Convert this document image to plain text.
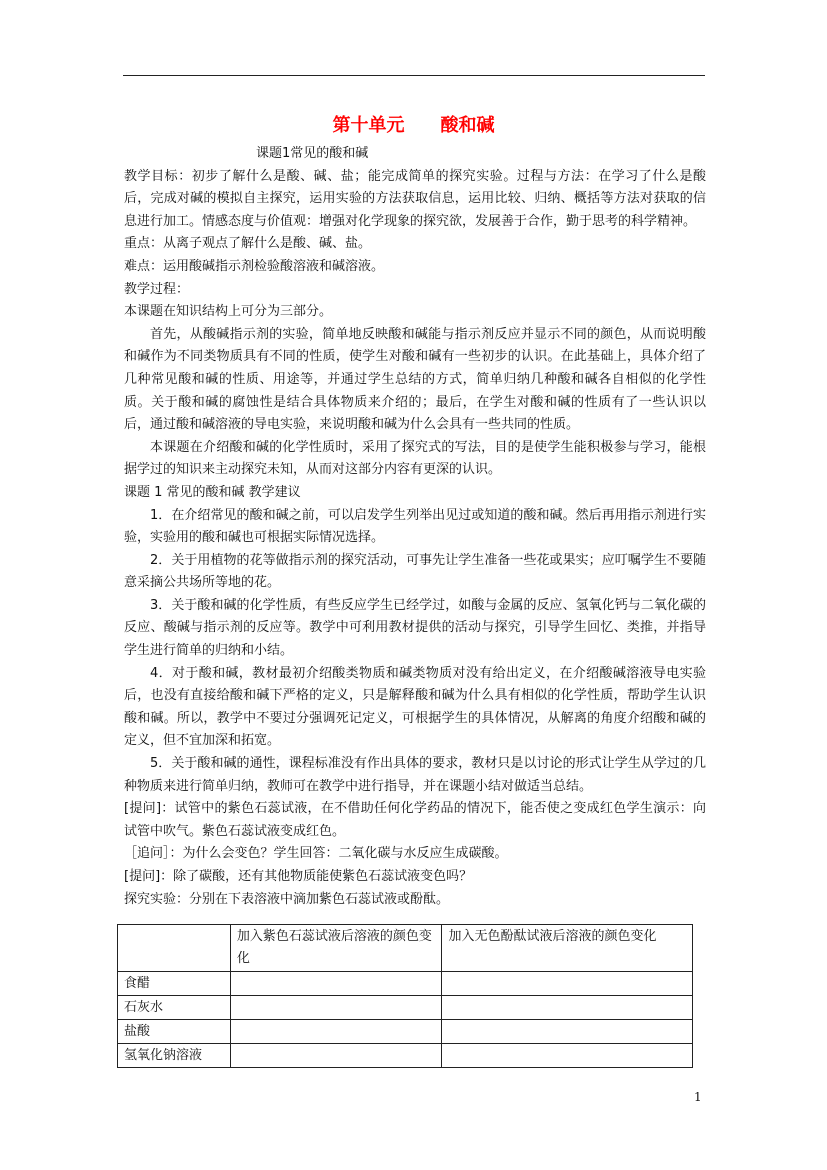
第十单元　　酸和碱

课题1常见的酸和碱

教学目标：初步了解什么是酸、碱、盐；能完成简单的探究实验。过程与方法：在学习了什么是酸后，完成对碱的模拟自主探究，运用实验的方法获取信息，运用比较、归纳、概括等方法对获取的信息进行加工。情感态度与价值观：增强对化学现象的探究欲，发展善于合作，勤于思考的科学精神。

重点：从离子观点了解什么是酸、碱、盐。

难点：运用酸碱指示剂检验酸溶液和碱溶液。

教学过程：

本课题在知识结构上可分为三部分。

首先，从酸碱指示剂的实验，简单地反映酸和碱能与指示剂反应并显示不同的颜色，从而说明酸和碱作为不同类物质具有不同的性质，使学生对酸和碱有一些初步的认识。在此基础上，具体介绍了几种常见酸和碱的性质、用途等，并通过学生总结的方式，简单归纳几种酸和碱各自相似的化学性质。关于酸和碱的腐蚀性是结合具体物质来介绍的；最后，在学生对酸和碱的性质有了一些认识以后，通过酸和碱溶液的导电实验，来说明酸和碱为什么会具有一些共同的性质。

本课题在介绍酸和碱的化学性质时，采用了探究式的写法，目的是使学生能积极参与学习，能根据学过的知识来主动探究未知，从而对这部分内容有更深的认识。

课题 1 常见的酸和碱 教学建议

1．在介绍常见的酸和碱之前，可以启发学生列举出见过或知道的酸和碱。然后再用指示剂进行实验，实验用的酸和碱也可根据实际情况选择。

2．关于用植物的花等做指示剂的探究活动，可事先让学生准备一些花或果实；应叮嘱学生不要随意采摘公共场所等地的花。

3．关于酸和碱的化学性质，有些反应学生已经学过，如酸与金属的反应、氢氧化钙与二氧化碳的反应、酸碱与指示剂的反应等。教学中可利用教材提供的活动与探究，引导学生回忆、类推，并指导学生进行简单的归纳和小结。

4．对于酸和碱，教材最初介绍酸类物质和碱类物质对没有给出定义，在介绍酸碱溶液导电实验后，也没有直接给酸和碱下严格的定义，只是解释酸和碱为什么具有相似的化学性质，帮助学生认识酸和碱。所以，教学中不要过分强调死记定义，可根据学生的具体情况，从解离的角度介绍酸和碱的定义，但不宜加深和拓宽。

5．关于酸和碱的通性，课程标准没有作出具体的要求，教材只是以讨论的形式让学生从学过的几种物质来进行简单归纳，教师可在教学中进行指导，并在课题小结对做适当总结。

[提问]：试管中的紫色石蕊试液，在不借助任何化学药品的情况下，能否使之变成红色学生演示：向试管中吹气。紫色石蕊试液变成红色。

［追问］：为什么会变色？学生回答：二氧化碳与水反应生成碳酸。

[提问]：除了碳酸，还有其他物质能使紫色石蕊试液变色吗？

探究实验：分别在下表溶液中滴加紫色石蕊试液或酚酞。

	加入紫色石蕊试液后溶液的颜色变化	加入无色酚酞试液后溶液的颜色变化
食醋		
石灰水		
盐酸		
氢氧化钠溶液		
1
